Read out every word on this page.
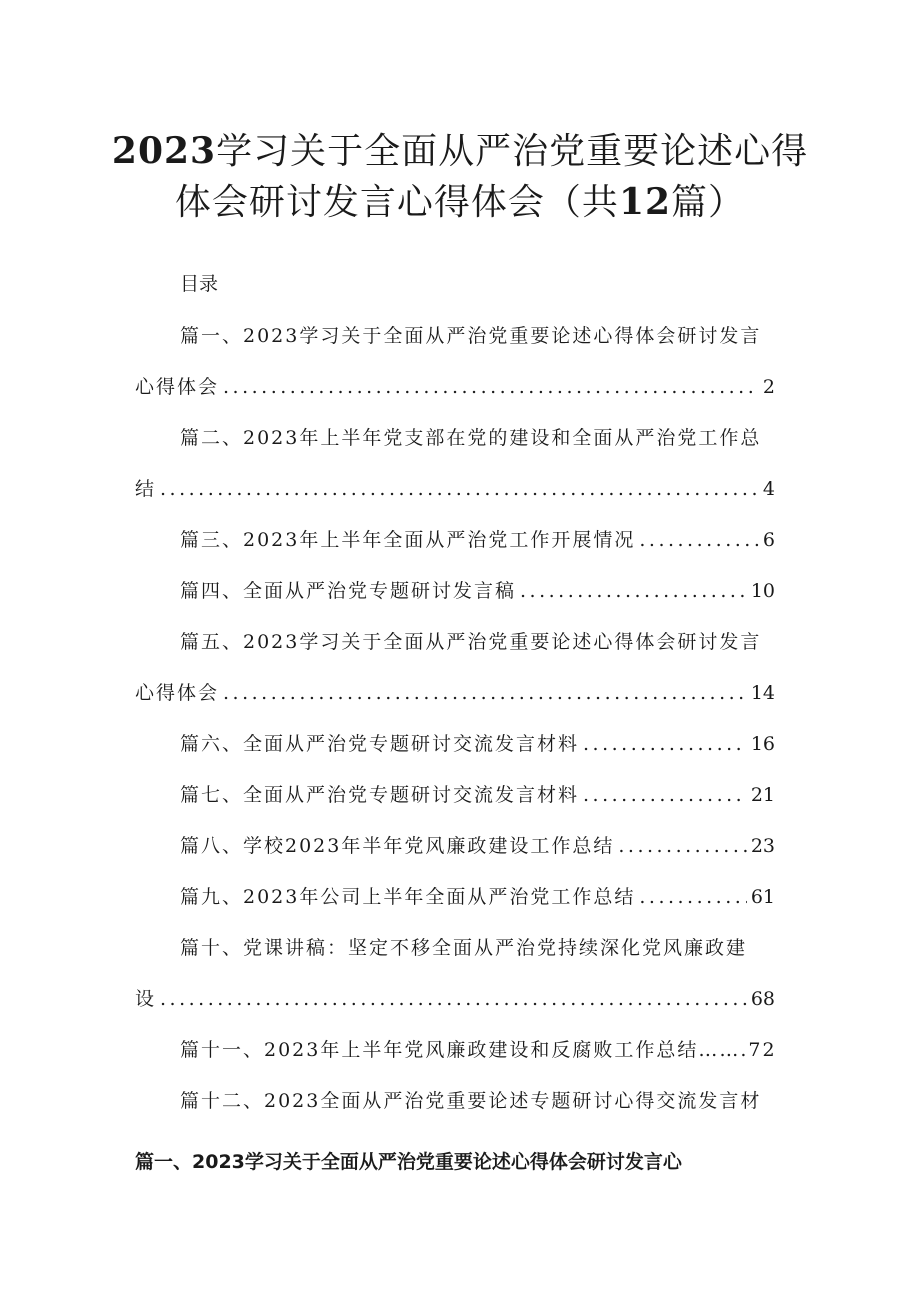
2023学习关于全面从严治党重要论述心得
体会研讨发言心得体会（共12篇）
目录
篇一、2023学习关于全面从严治党重要论述心得体会研讨发言
心得体会 .....	2
篇二、2023年上半年党支部在党的建设和全面从严治党工作总
结 .....	4
篇三、2023年上半年全面从严治党工作开展情况 .....	6
篇四、全面从严治党专题研讨发言稿 .....	10
篇五、2023学习关于全面从严治党重要论述心得体会研讨发言
心得体会 .....	14
篇六、全面从严治党专题研讨交流发言材料 .....	16
篇七、全面从严治党专题研讨交流发言材料 .....	21
篇八、学校2023年半年党风廉政建设工作总结 .....	23
篇九、2023年公司上半年全面从严治党工作总结 .....	61
篇十、党课讲稿：坚定不移全面从严治党持续深化党风廉政建
设 .....	68
篇十一、2023年上半年党风廉政建设和反腐败工作总结…….72
篇十二、2023全面从严治党重要论述专题研讨心得交流发言材
篇一、2023学习关于全面从严治党重要论述心得体会研讨发言心
